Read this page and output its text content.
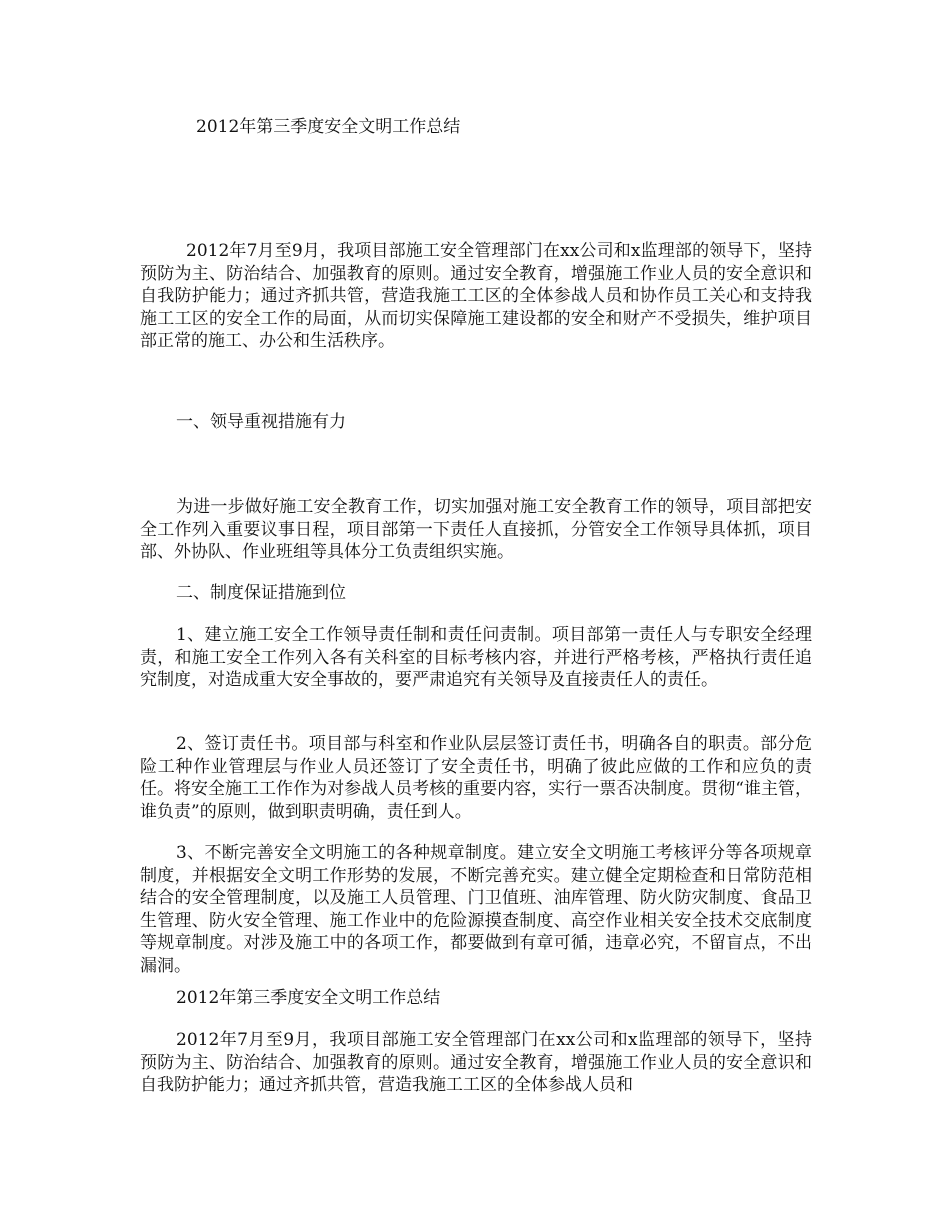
2012年第三季度安全文明工作总结

2012年7月至9月，我项目部施工安全管理部门在xx公司和x监理部的领导下，坚持预防为主、防治结合、加强教育的原则。通过安全教育，增强施工作业人员的安全意识和自我防护能力；通过齐抓共管，营造我施工工区的全体参战人员和协作员工关心和支持我施工工区的安全工作的局面，从而切实保障施工建设都的安全和财产不受损失，维护项目部正常的施工、办公和生活秩序。

一、领导重视措施有力

为进一步做好施工安全教育工作，切实加强对施工安全教育工作的领导，项目部把安全工作列入重要议事日程，项目部第一下责任人直接抓，分管安全工作领导具体抓，项目部、外协队、作业班组等具体分工负责组织实施。

二、制度保证措施到位

1、建立施工安全工作领导责任制和责任问责制。项目部第一责任人与专职安全经理责，和施工安全工作列入各有关科室的目标考核内容，并进行严格考核，严格执行责任追究制度，对造成重大安全事故的，要严肃追究有关领导及直接责任人的责任。

2、签订责任书。项目部与科室和作业队层层签订责任书，明确各自的职责。部分危险工种作业管理层与作业人员还签订了安全责任书，明确了彼此应做的工作和应负的责任。将安全施工工作作为对参战人员考核的重要内容，实行一票否决制度。贯彻“谁主管，谁负责”的原则，做到职责明确，责任到人。

3、不断完善安全文明施工的各种规章制度。建立安全文明施工考核评分等各项规章制度，并根据安全文明工作形势的发展，不断完善充实。建立健全定期检查和日常防范相结合的安全管理制度，以及施工人员管理、门卫值班、油库管理、防火防灾制度、食品卫生管理、防火安全管理、施工作业中的危险源摸查制度、高空作业相关安全技术交底制度等规章制度。对涉及施工中的各项工作，都要做到有章可循，违章必究，不留盲点，不出漏洞。

2012年第三季度安全文明工作总结

2012年7月至9月，我项目部施工安全管理部门在xx公司和x监理部的领导下，坚持预防为主、防治结合、加强教育的原则。通过安全教育，增强施工作业人员的安全意识和自我防护能力；通过齐抓共管，营造我施工工区的全体参战人员和
